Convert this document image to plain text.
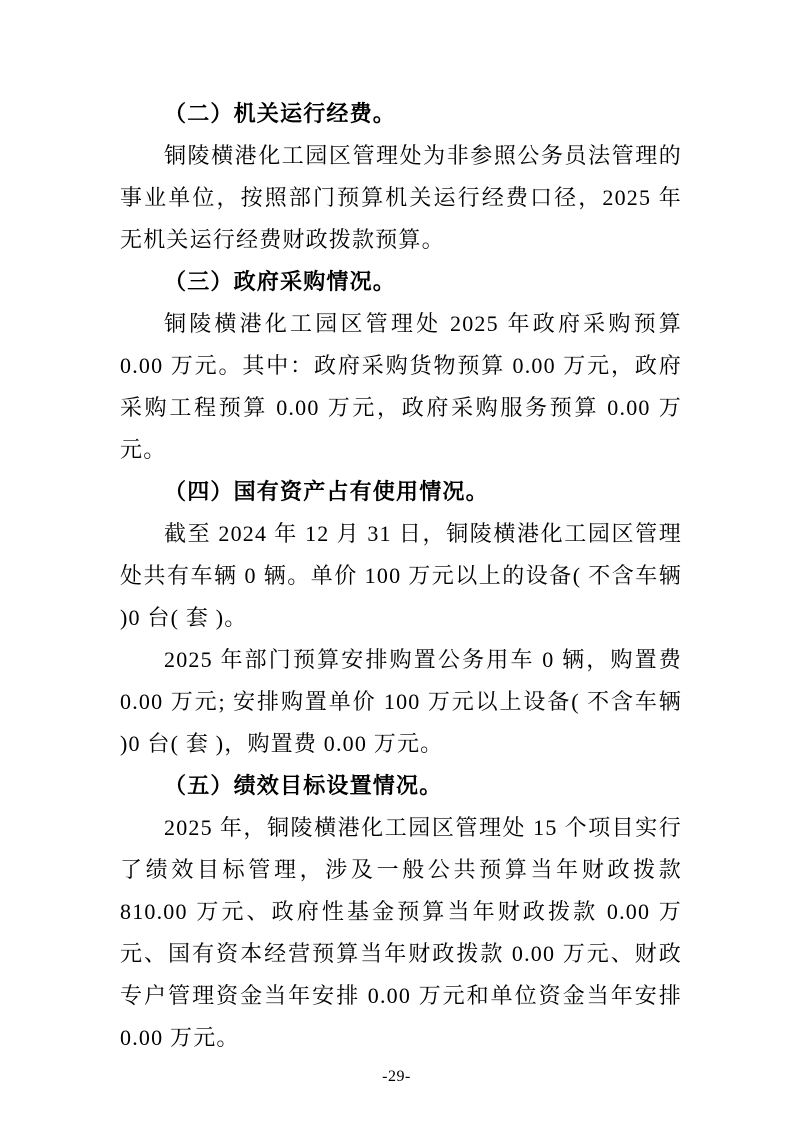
（二）机关运行经费。

铜陵横港化工园区管理处为非参照公务员法管理的事业单位，按照部门预算机关运行经费口径，2025 年无机关运行经费财政拨款预算。

（三）政府采购情况。

铜陵横港化工园区管理处 2025 年政府采购预算 0.00 万元。其中：政府采购货物预算 0.00 万元，政府采购工程预算 0.00 万元，政府采购服务预算 0.00 万元。

（四）国有资产占有使用情况。

截至 2024 年 12 月 31 日，铜陵横港化工园区管理处共有车辆 0 辆。单价 100 万元以上的设备( 不含车辆 )0 台( 套 )。

2025 年部门预算安排购置公务用车 0 辆，购置费 0.00 万元; 安排购置单价 100 万元以上设备( 不含车辆 )0 台( 套 )，购置费 0.00 万元。

（五）绩效目标设置情况。

2025 年，铜陵横港化工园区管理处 15 个项目实行了绩效目标管理，涉及一般公共预算当年财政拨款 810.00 万元、政府性基金预算当年财政拨款 0.00 万元、国有资本经营预算当年财政拨款 0.00 万元、财政专户管理资金当年安排 0.00 万元和单位资金当年安排 0.00 万元。

-29-
